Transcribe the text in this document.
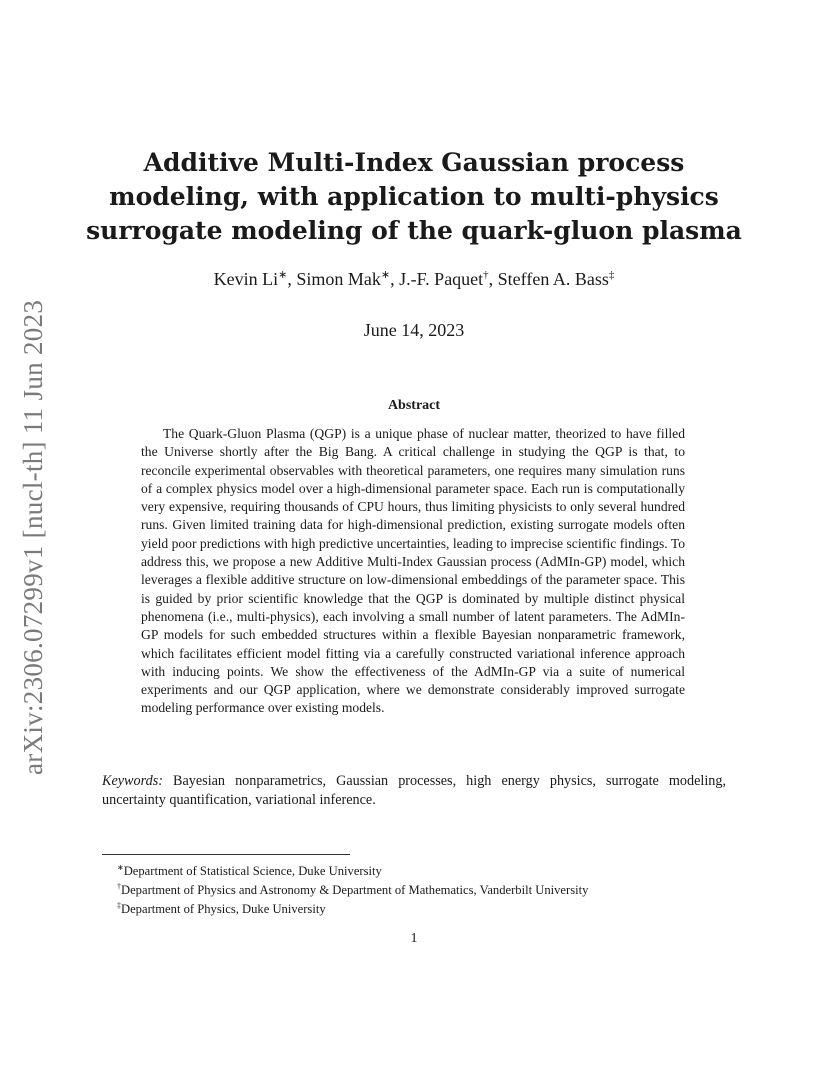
arXiv:2306.07299v1 [nucl-th] 11 Jun 2023
Additive Multi-Index Gaussian process
modeling, with application to multi-physics
surrogate modeling of the quark-gluon plasma
Kevin Li∗, Simon Mak∗, J.-F. Paquet†, Steffen A. Bass‡
June 14, 2023
Abstract

The Quark-Gluon Plasma (QGP) is a unique phase of nuclear matter, theorized to have filled the Universe shortly after the Big Bang. A critical challenge in studying the QGP is that, to reconcile experimental observables with theoretical parameters, one requires many simulation runs of a complex physics model over a high-dimensional parameter space. Each run is computationally very expensive, requiring thousands of CPU hours, thus limiting physicists to only several hundred runs. Given limited training data for high-dimensional prediction, existing surrogate models often yield poor predictions with high predictive uncertainties, leading to imprecise scientific findings. To address this, we propose a new Additive Multi-Index Gaussian process (AdMIn-GP) model, which leverages a flexible additive structure on low-dimensional embeddings of the parameter space. This is guided by prior scientific knowledge that the QGP is dominated by multiple distinct physical phenomena (i.e., multi-physics), each involving a small number of latent parameters. The AdMIn-GP models for such embedded structures within a flexible Bayesian nonparametric framework, which facilitates efficient model fitting via a carefully constructed variational inference approach with inducing points. We show the effectiveness of the AdMIn-GP via a suite of numerical experiments and our QGP application, where we demonstrate considerably improved surrogate modeling performance over existing models.

Keywords: Bayesian nonparametrics, Gaussian processes, high energy physics, surrogate modeling, uncertainty quantification, variational inference.

∗Department of Statistical Science, Duke University
†Department of Physics and Astronomy & Department of Mathematics, Vanderbilt University
‡Department of Physics, Duke University
1
